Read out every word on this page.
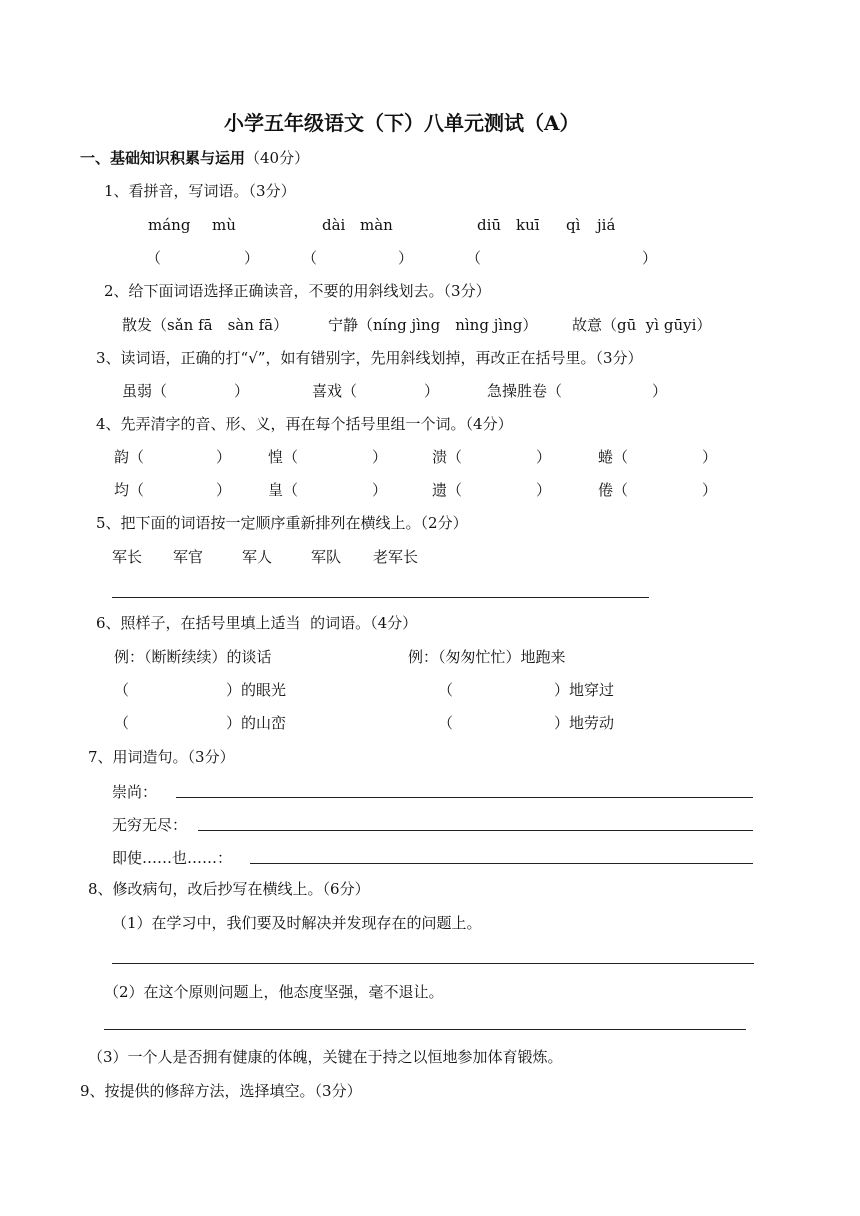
小学五年级语文（下）八单元测试（A）
一、基础知识积累与运用（40分）
1、看拼音，写词语。（3分）
máng mù	dài màn	diū kuī qì jiá
（	）	（	）	（	）
2、给下面词语选择正确读音，不要的用斜线划去。（3分）
散发（sǎn fā　sàn fā）	宁静（níng jìng　nìng jìng） 故意（gū  yì gūyi）
3、读词语，正确的打“√”，如有错别字，先用斜线划掉，再改正在括号里。（3分）
虽弱（	）	喜戏（	）	急操胜卷（	）
4、先弄清字的音、形、义，再在每个括号里组一个词。（4分）
韵（	） 惶（	）	溃（	）	蜷（	）
均（	） 皇（	）	遗（	）	倦（	）
5、把下面的词语按一定顺序重新排列在横线上。（2分）
军长 军官	军人	军队 老军长
6、照样子，在括号里填上适当  的词语。（4分）
例：（断断续续）的谈话	例：（匆匆忙忙）地跑来
（	）的眼光	（	）地穿过
（	）的山峦	（	）地劳动
7、用词造句。（3分）
崇尚：
无穷无尽：
即使……也……：
8、修改病句，改后抄写在横线上。（6分）
（1）在学习中，我们要及时解决并发现存在的问题上。
（2）在这个原则问题上，他态度坚强，毫不退让。
（3）一个人是否拥有健康的体魄，关键在于持之以恒地参加体育锻炼。
9、按提供的修辞方法，选择填空。（3分）
